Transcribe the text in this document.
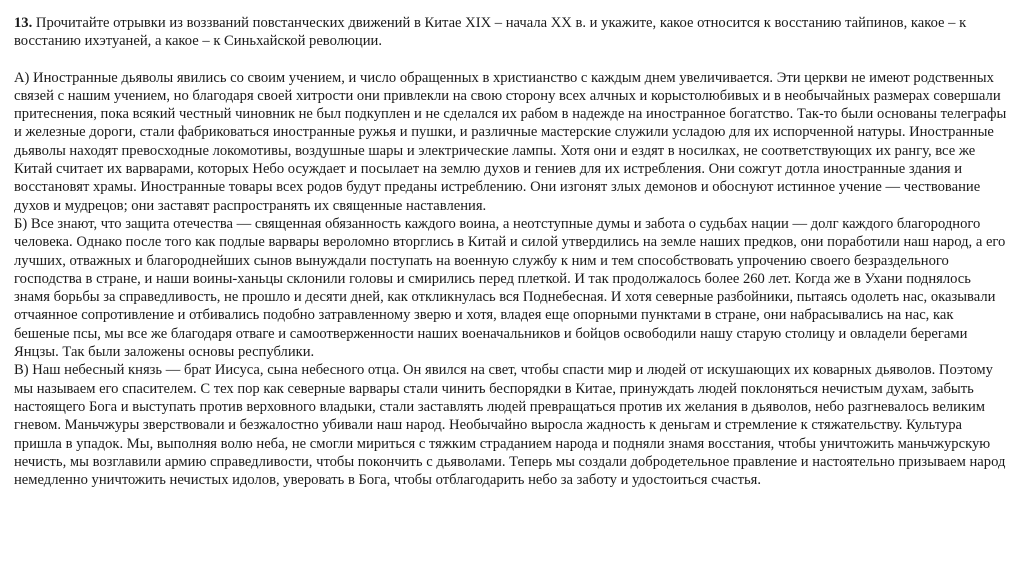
13. Прочитайте отрывки из воззваний повстанческих движений в Китае XIX – начала XX в. и укажите, какое относится к восстанию тайпинов, какое – к восстанию ихэтуаней, а какое – к Синьхайской революции.

А) Иностранные дьяволы явились со своим учением, и число обращенных в христианство с каждым днем увеличивается. Эти церкви не имеют родственных связей с нашим учением, но благодаря своей хитрости они привлекли на свою сторону всех алчных и корыстолюбивых и в необычайных размерах совершали притеснения, пока всякий честный чиновник не был подкуплен и не сделался их рабом в надежде на иностранное богатство. Так-то были основаны телеграфы и железные дороги, стали фабриковаться иностранные ружья и пушки, и различные мастерские служили усладою для их испорченной натуры. Иностранные дьяволы находят превосходные локомотивы, воздушные шары и электрические лампы. Хотя они и ездят в носилках, не соответствующих их рангу, все же Китай считает их варварами, которых Небо осуждает и посылает на землю духов и гениев для их истребления. Они сожгут дотла иностранные здания и восстановят храмы. Иностранные товары всех родов будут преданы истреблению. Они изгонят злых демонов и обоснуют истинное учение — чествование духов и мудрецов; они заставят распространять их священные наставления.

Б) Все знают, что защита отечества — священная обязанность каждого воина, а неотступные думы и забота о судьбах нации — долг каждого благородного человека. Однако после того как подлые варвары вероломно вторглись в Китай и силой утвердились на земле наших предков, они поработили наш народ, а его лучших, отважных и благороднейших сынов вынуждали поступать на военную службу к ним и тем способствовать упрочению своего безраздельного господства в стране, и наши воины-ханьцы склонили головы и смирились перед плеткой. И так продолжалось более 260 лет. Когда же в Ухани поднялось знамя борьбы за справедливость, не прошло и десяти дней, как откликнулась вся Поднебесная. И хотя северные разбойники, пытаясь одолеть нас, оказывали отчаянное сопротивление и отбивались подобно затравленному зверю и хотя, владея еще опорными пунктами в стране, они набрасывались на нас, как бешеные псы, мы все же благодаря отваге и самоотверженности наших военачальников и бойцов освободили нашу старую столицу и овладели берегами Янцзы. Так были заложены основы республики.

В) Наш небесный князь — брат Иисуса, сына небесного отца. Он явился на свет, чтобы спасти мир и людей от искушающих их коварных дьяволов. Поэтому мы называем его спасителем. С тех пор как северные варвары стали чинить беспорядки в Китае, принуждать людей поклоняться нечистым духам, забыть настоящего Бога и выступать против верховного владыки, стали заставлять людей превращаться против их желания в дьяволов, небо разгневалось великим гневом. Маньчжуры зверствовали и безжалостно убивали наш народ. Необычайно выросла жадность к деньгам и стремление к стяжательству. Культура пришла в упадок. Мы, выполняя волю неба, не смогли мириться с тяжким страданием народа и подняли знамя восстания, чтобы уничтожить маньчжурскую нечисть, мы возглавили армию справедливости, чтобы покончить с дьяволами. Теперь мы создали добродетельное правление и настоятельно призываем народ немедленно уничтожить нечистых идолов, уверовать в Бога, чтобы отблагодарить небо за заботу и удостоиться счастья.
